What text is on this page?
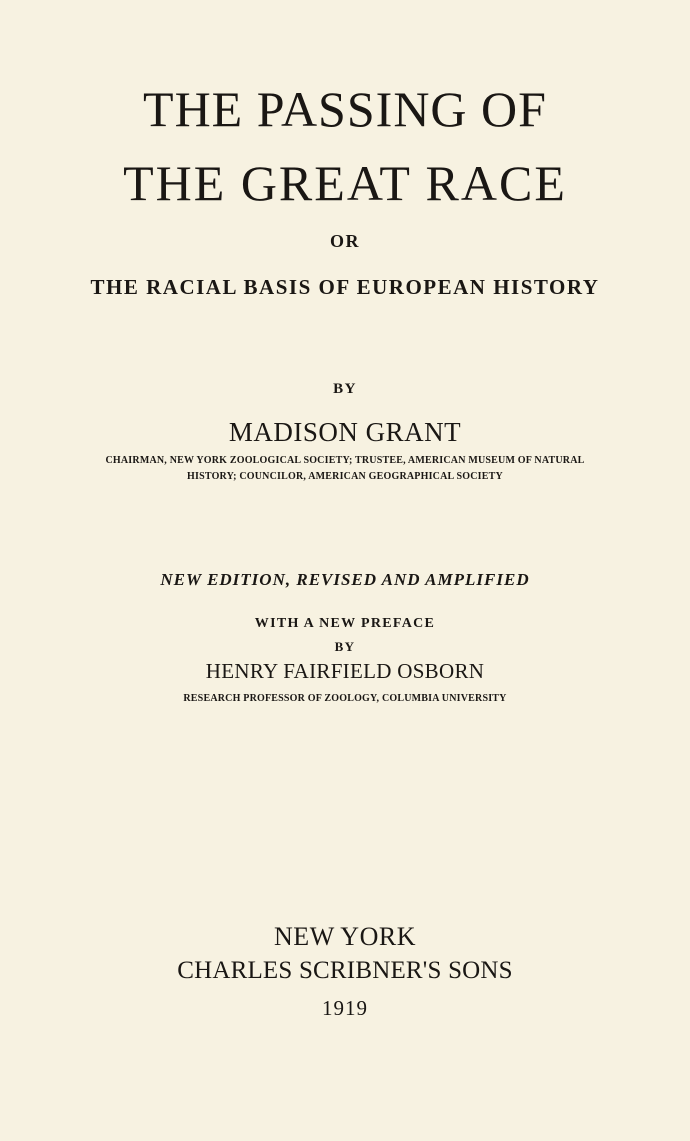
THE PASSING OF
THE GREAT RACE
OR
THE RACIAL BASIS OF EUROPEAN HISTORY
BY
MADISON GRANT
CHAIRMAN, NEW YORK ZOOLOGICAL SOCIETY; TRUSTEE, AMERICAN MUSEUM OF NATURAL
HISTORY; COUNCILOR, AMERICAN GEOGRAPHICAL SOCIETY
NEW EDITION, REVISED AND AMPLIFIED
WITH A NEW PREFACE
BY
HENRY FAIRFIELD OSBORN
RESEARCH PROFESSOR OF ZOOLOGY, COLUMBIA UNIVERSITY
NEW YORK
CHARLES SCRIBNER'S SONS
1919
